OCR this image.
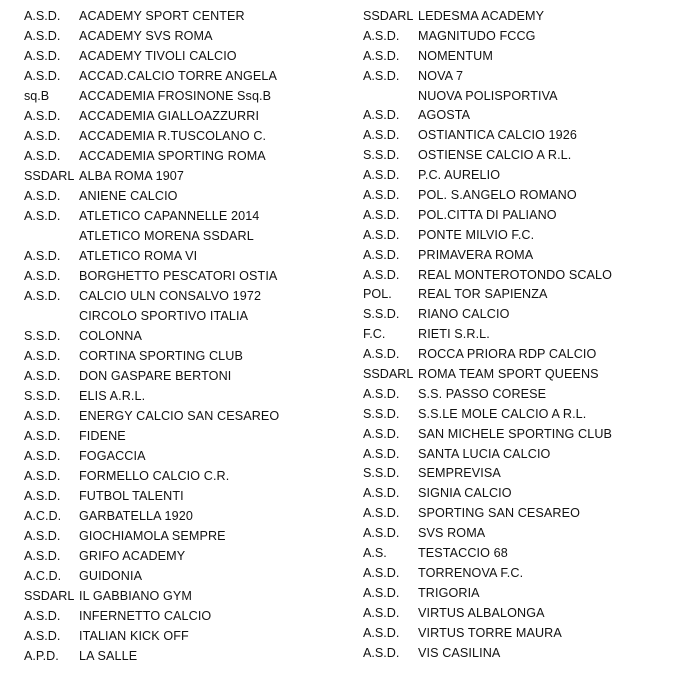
A.S.D. ACADEMY SPORT CENTER
A.S.D. ACADEMY SVS ROMA
A.S.D. ACADEMY TIVOLI CALCIO
A.S.D. ACCAD.CALCIO TORRE ANGELA
sq.B ACCADEMIA FROSINONE Ssq.B
A.S.D. ACCADEMIA GIALLOAZZURRI
A.S.D. ACCADEMIA R.TUSCOLANO C.
A.S.D. ACCADEMIA SPORTING ROMA
SSDARL ALBA ROMA 1907
A.S.D. ANIENE CALCIO
A.S.D. ATLETICO CAPANNELLE 2014
ATLETICO MORENA SSDARL
A.S.D. ATLETICO ROMA VI
A.S.D. BORGHETTO PESCATORI OSTIA
A.S.D. CALCIO ULN CONSALVO 1972
CIRCOLO SPORTIVO ITALIA
S.S.D. COLONNA
A.S.D. CORTINA SPORTING CLUB
A.S.D. DON GASPARE BERTONI
S.S.D. ELIS A.R.L.
A.S.D. ENERGY CALCIO SAN CESAREO
A.S.D. FIDENE
A.S.D. FOGACCIA
A.S.D. FORMELLO CALCIO C.R.
A.S.D. FUTBOL TALENTI
A.C.D. GARBATELLA 1920
A.S.D. GIOCHIAMOLA SEMPRE
A.S.D. GRIFO ACADEMY
A.C.D. GUIDONIA
SSDARL IL GABBIANO GYM
A.S.D. INFERNETTO CALCIO
A.S.D. ITALIAN KICK OFF
A.P.D. LA SALLE
SSDARL LEDESMA ACADEMY
A.S.D. MAGNITUDO FCCG
A.S.D. NOMENTUM
A.S.D. NOVA 7
NUOVA POLISPORTIVA
A.S.D. AGOSTA
A.S.D. OSTIANTICA CALCIO 1926
S.S.D. OSTIENSE CALCIO A R.L.
A.S.D. P.C. AURELIO
A.S.D. POL. S.ANGELO ROMANO
A.S.D. POL.CITTA DI PALIANO
A.S.D. PONTE MILVIO F.C.
A.S.D. PRIMAVERA ROMA
A.S.D. REAL MONTEROTONDO SCALO
POL. REAL TOR SAPIENZA
S.S.D. RIANO CALCIO
F.C.	RIETI S.R.L.
A.S.D. ROCCA PRIORA RDP CALCIO
SSDARL ROMA TEAM SPORT QUEENS
A.S.D. S.S. PASSO CORESE
S.S.D. S.S.LE MOLE CALCIO A R.L.
A.S.D. SAN MICHELE SPORTING CLUB
A.S.D. SANTA LUCIA CALCIO
S.S.D. SEMPREVISA
A.S.D. SIGNIA CALCIO
A.S.D. SPORTING SAN CESAREO
A.S.D. SVS ROMA
A.S. TESTACCIO 68
A.S.D. TORRENOVA F.C.
A.S.D. TRIGORIA
A.S.D. VIRTUS ALBALONGA
A.S.D. VIRTUS TORRE MAURA
A.S.D. VIS CASILINA
